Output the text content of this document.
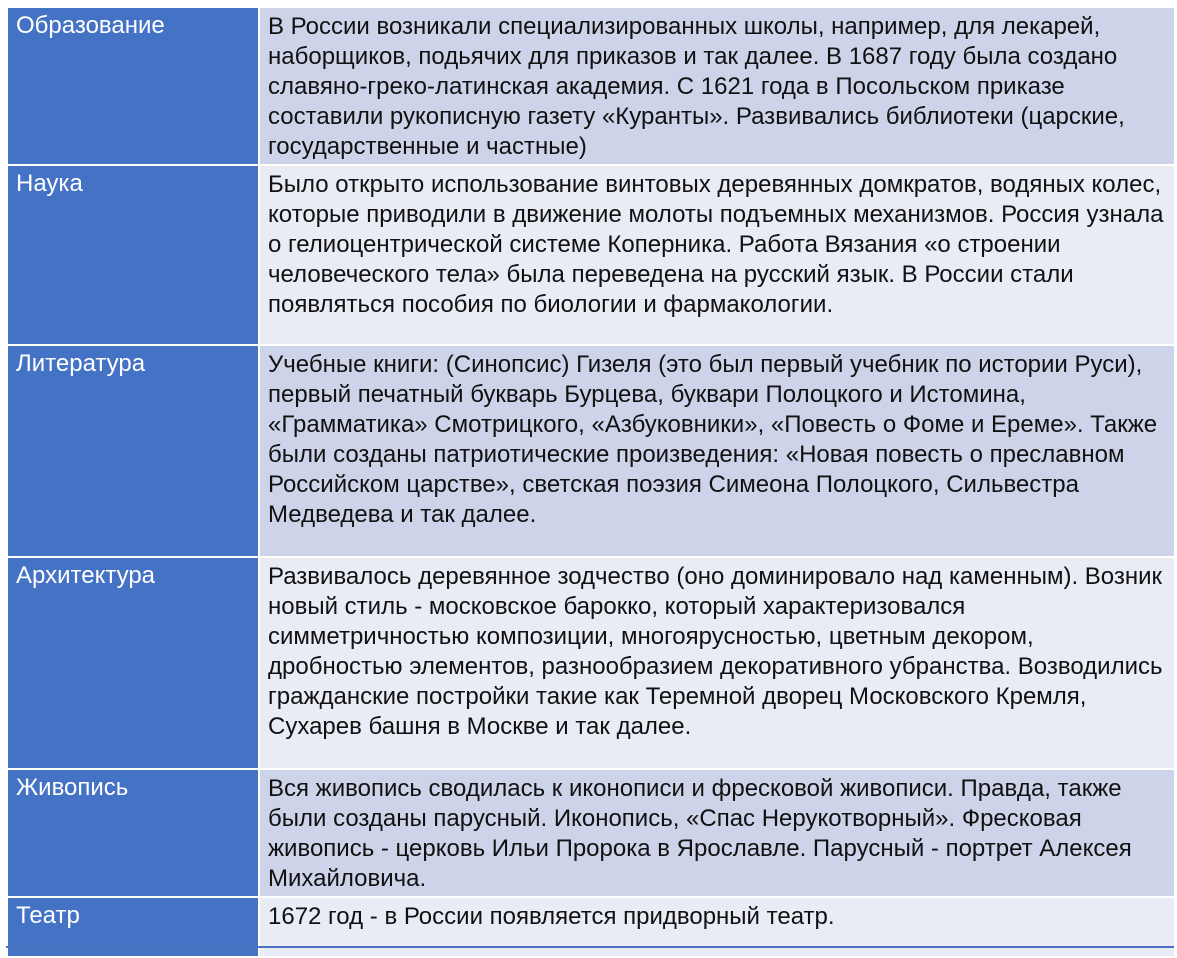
Образование	В России возникали специализированных школы, например, для лекарей, наборщиков, подьячих для приказов и так далее. В 1687 году была создано славяно-греко-латинская академия. С 1621 года в Посольском приказе составили рукописную газету «Куранты». Развивались библиотеки (царские, государственные и частные)
Наука	Было открыто использование винтовых деревянных домкратов, водяных колес, которые приводили в движение молоты подъемных механизмов. Россия узнала о гелиоцентрической системе Коперника. Работа Вязания «о строении человеческого тела» была переведена на русский язык. В России стали появляться пособия по биологии и фармакологии.
Литература	Учебные книги: (Синопсис) Гизеля (это был первый учебник по истории Руси), первый печатный букварь Бурцева, буквари Полоцкого и Истомина, «Грамматика» Смотрицкого, «Азбуковники», «Повесть о Фоме и Ереме». Также были созданы патриотические произведения: «Новая повесть о преславном Российском царстве», светская поэзия Симеона Полоцкого, Сильвестра Медведева и так далее.
Архитектура	Развивалось деревянное зодчество (оно доминировало над каменным). Возник новый стиль - московское барокко, который характеризовался симметричностью композиции, многоярусностью, цветным декором, дробностью элементов, разнообразием декоративного убранства. Возводились гражданские постройки такие как Теремной дворец Московского Кремля, Сухарев башня в Москве и так далее.
Живопись	Вся живопись сводилась к иконописи и фресковой живописи. Правда, также были созданы парусный. Иконопись, «Спас Нерукотворный». Фресковая живопись - церковь Ильи Пророка в Ярославле. Парусный - портрет Алексея Михайловича.
Театр	1672 год - в России появляется придворный театр.
